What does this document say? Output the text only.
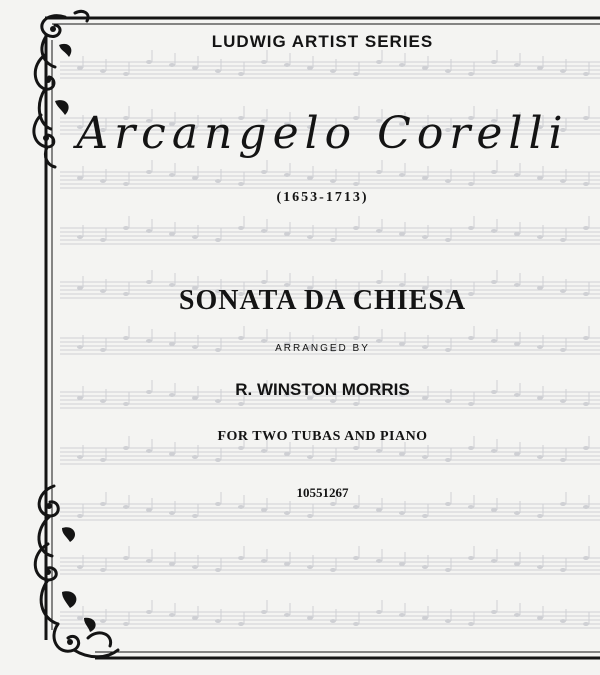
LUDWIG ARTIST SERIES
Arcangelo Corelli
(1653-1713)
SONATA DA CHIESA
ARRANGED BY
R. WINSTON MORRIS
FOR TWO TUBAS AND PIANO
10551267
